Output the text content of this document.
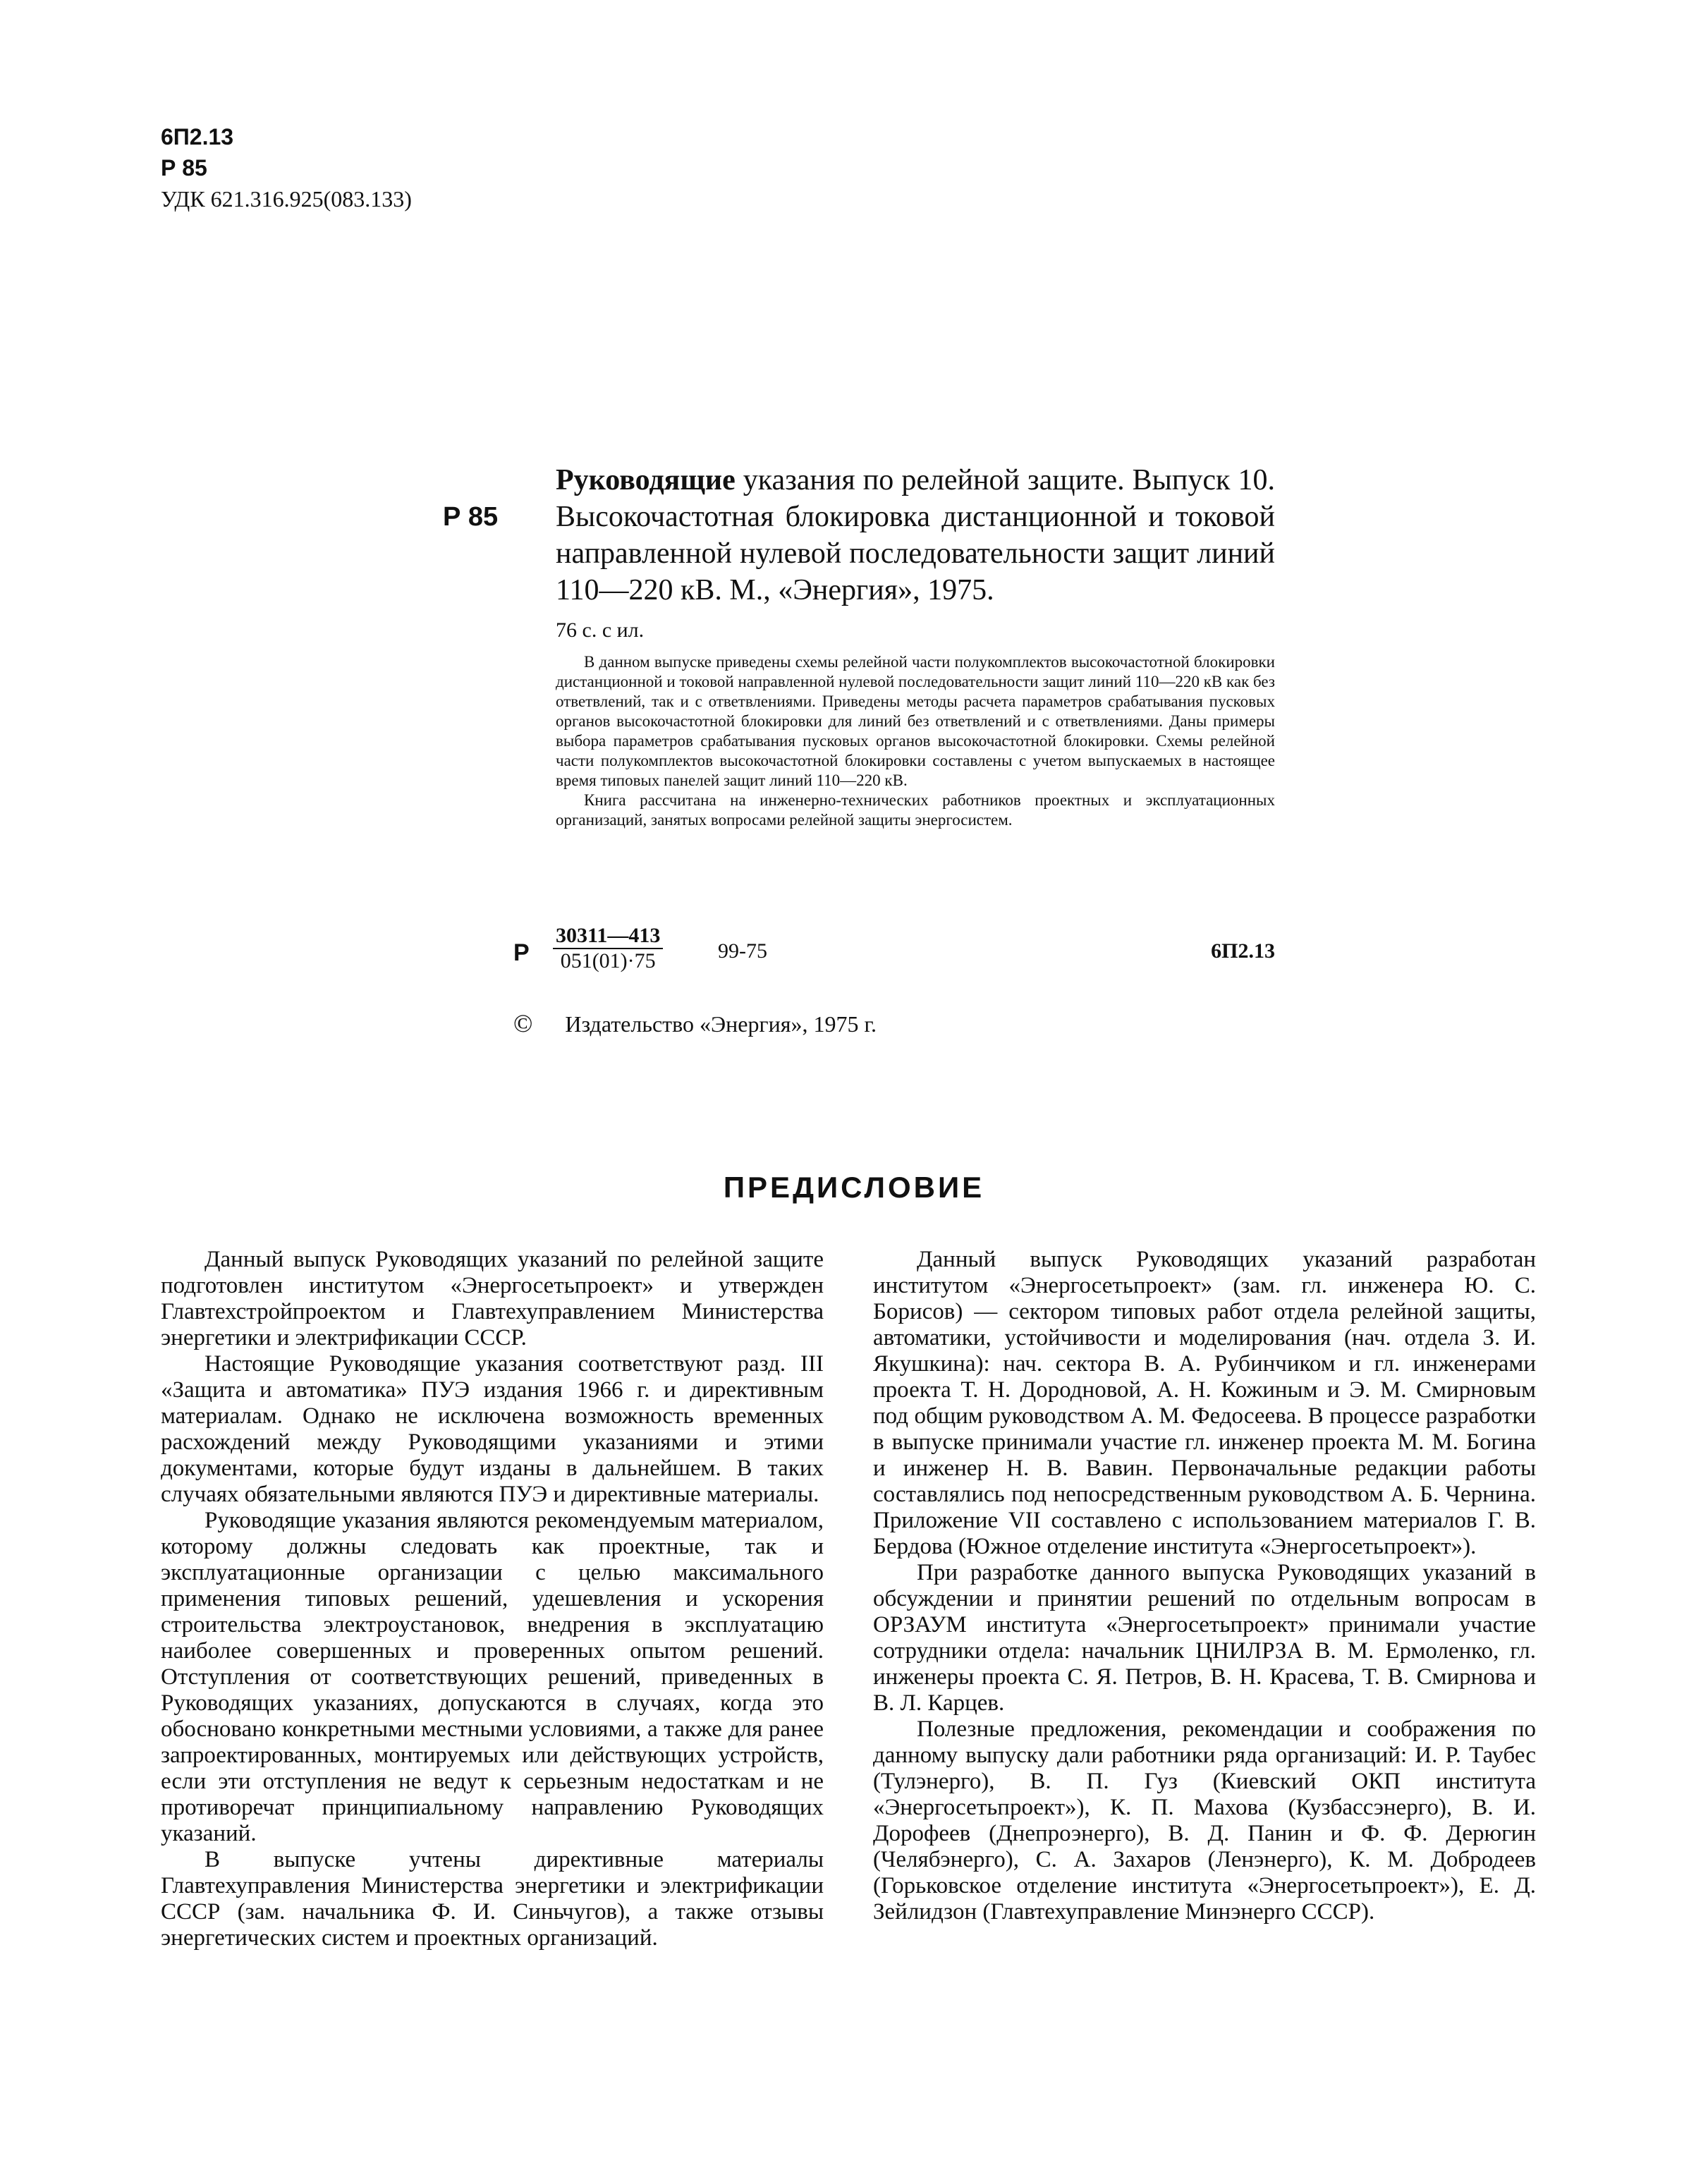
6П2.13
Р 85
УДК 621.316.925(083.133)
Р 85
Руководящие указания по релейной защите. Выпуск 10. Высокочастотная блокировка дистанционной и токовой направленной нулевой последовательности защит линий 110—220 кВ. М., «Энергия», 1975.
76 с. с ил.

В данном выпуске приведены схемы релейной части полукомплектов высокочастотной блокировки дистанционной и токовой направленной нулевой последовательности защит линий 110—220 кВ как без ответвлений, так и с ответвлениями. Приведены методы расчета параметров срабатывания пусковых органов высокочастотной блокировки для линий без ответвлений и с ответвлениями. Даны примеры выбора параметров срабатывания пусковых органов высокочастотной блокировки. Схемы релейной части полукомплектов высокочастотной блокировки составлены с учетом выпускаемых в настоящее время типовых панелей защит линий 110—220 кВ.

Книга рассчитана на инженерно-технических работников проектных и эксплуатационных организаций, занятых вопросами релейной защиты энергосистем.

Р $\frac{30311—413}{051(01)\cdot 75}$	99-75	6П2.13
© Издательство «Энергия», 1975 г.
ПРЕДИСЛОВИЕ

Данный выпуск Руководящих указаний по релейной защите подготовлен институтом «Энергосетьпроект» и утвержден Главтехстройпроектом и Главтехуправлением Министерства энергетики и электрификации СССР.

Настоящие Руководящие указания соответствуют разд. III «Защита и автоматика» ПУЭ издания 1966 г. и директивным материалам. Однако не исключена возможность временных расхождений между Руководящими указаниями и этими документами, которые будут изданы в дальнейшем. В таких случаях обязательными являются ПУЭ и директивные материалы.

Руководящие указания являются рекомендуемым материалом, которому должны следовать как проектные, так и эксплуатационные организации с целью максимального применения типовых решений, удешевления и ускорения строительства электроустановок, внедрения в эксплуатацию наиболее совершенных и проверенных опытом решений. Отступления от соответствующих решений, приведенных в Руководящих указаниях, допускаются в случаях, когда это обосновано конкретными местными условиями, а также для ранее запроектированных, монтируемых или действующих устройств, если эти отступления не ведут к серьезным недостаткам и не противоречат принципиальному направлению Руководящих указаний.

В выпуске учтены директивные материалы Главтехуправления Министерства энергетики и электрификации СССР (зам. начальника Ф. И. Синьчугов), а также отзывы энергетических систем и проектных организаций.

Данный выпуск Руководящих указаний разработан институтом «Энергосетьпроект» (зам. гл. инженера Ю. С. Борисов) — сектором типовых работ отдела релейной защиты, автоматики, устойчивости и моделирования (нач. отдела З. И. Якушкина): нач. сектора В. А. Рубинчиком и гл. инженерами проекта Т. Н. Дородновой, А. Н. Кожиным и Э. М. Смирновым под общим руководством А. М. Федосеева. В процессе разработки в выпуске принимали участие гл. инженер проекта М. М. Богина и инженер Н. В. Вавин. Первоначальные редакции работы составлялись под непосредственным руководством А. Б. Чернина. Приложение VII составлено с использованием материалов Г. В. Бердова (Южное отделение института «Энергосетьпроект»).

При разработке данного выпуска Руководящих указаний в обсуждении и принятии решений по отдельным вопросам в ОРЗАУМ института «Энергосетьпроект» принимали участие сотрудники отдела: начальник ЦНИЛРЗА В. М. Ермоленко, гл. инженеры проекта С. Я. Петров, В. Н. Красева, Т. В. Смирнова и В. Л. Карцев.

Полезные предложения, рекомендации и соображения по данному выпуску дали работники ряда организаций: И. Р. Таубес (Тулэнерго), В. П. Гуз (Киевский ОКП института «Энергосетьпроект»), К. П. Махова (Кузбассэнерго), В. И. Дорофеев (Днепроэнерго), В. Д. Панин и Ф. Ф. Дерюгин (Челябэнерго), С. А. Захаров (Ленэнерго), К. М. Добродеев (Горьковское отделение института «Энергосетьпроект»), Е. Д. Зейлидзон (Главтехуправление Минэнерго СССР).
